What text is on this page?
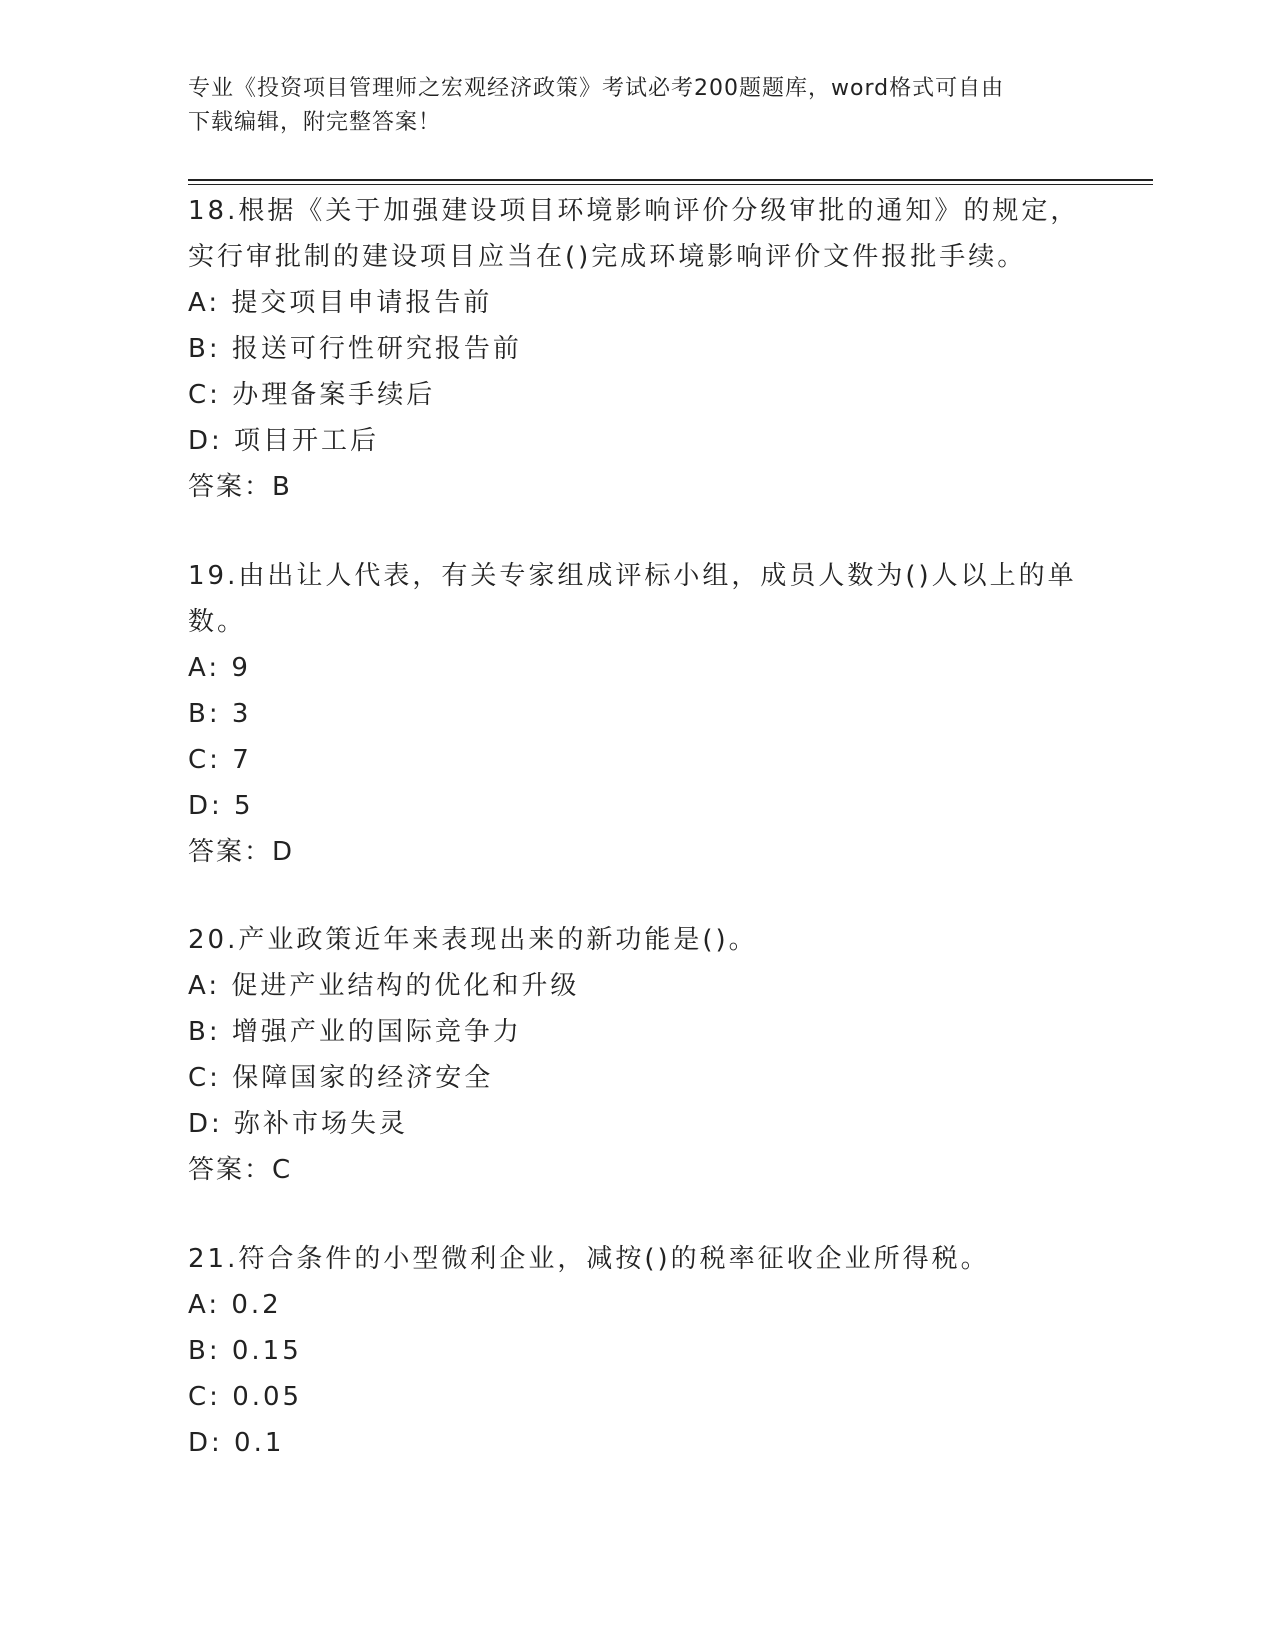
专业《投资项目管理师之宏观经济政策》考试必考200题题库，word格式可自由
下载编辑，附完整答案！

18.根据《关于加强建设项目环境影响评价分级审批的通知》的规定，

实行审批制的建设项目应当在()完成环境影响评价文件报批手续。

A: 提交项目申请报告前

B: 报送可行性研究报告前

C: 办理备案手续后

D: 项目开工后

答案：B

19.由出让人代表，有关专家组成评标小组，成员人数为()人以上的单

数。

A: 9

B: 3

C: 7

D: 5

答案：D

20.产业政策近年来表现出来的新功能是()。

A: 促进产业结构的优化和升级

B: 增强产业的国际竞争力

C: 保障国家的经济安全

D: 弥补市场失灵

答案：C

21.符合条件的小型微利企业，减按()的税率征收企业所得税。

A: 0.2

B: 0.15

C: 0.05

D: 0.1
